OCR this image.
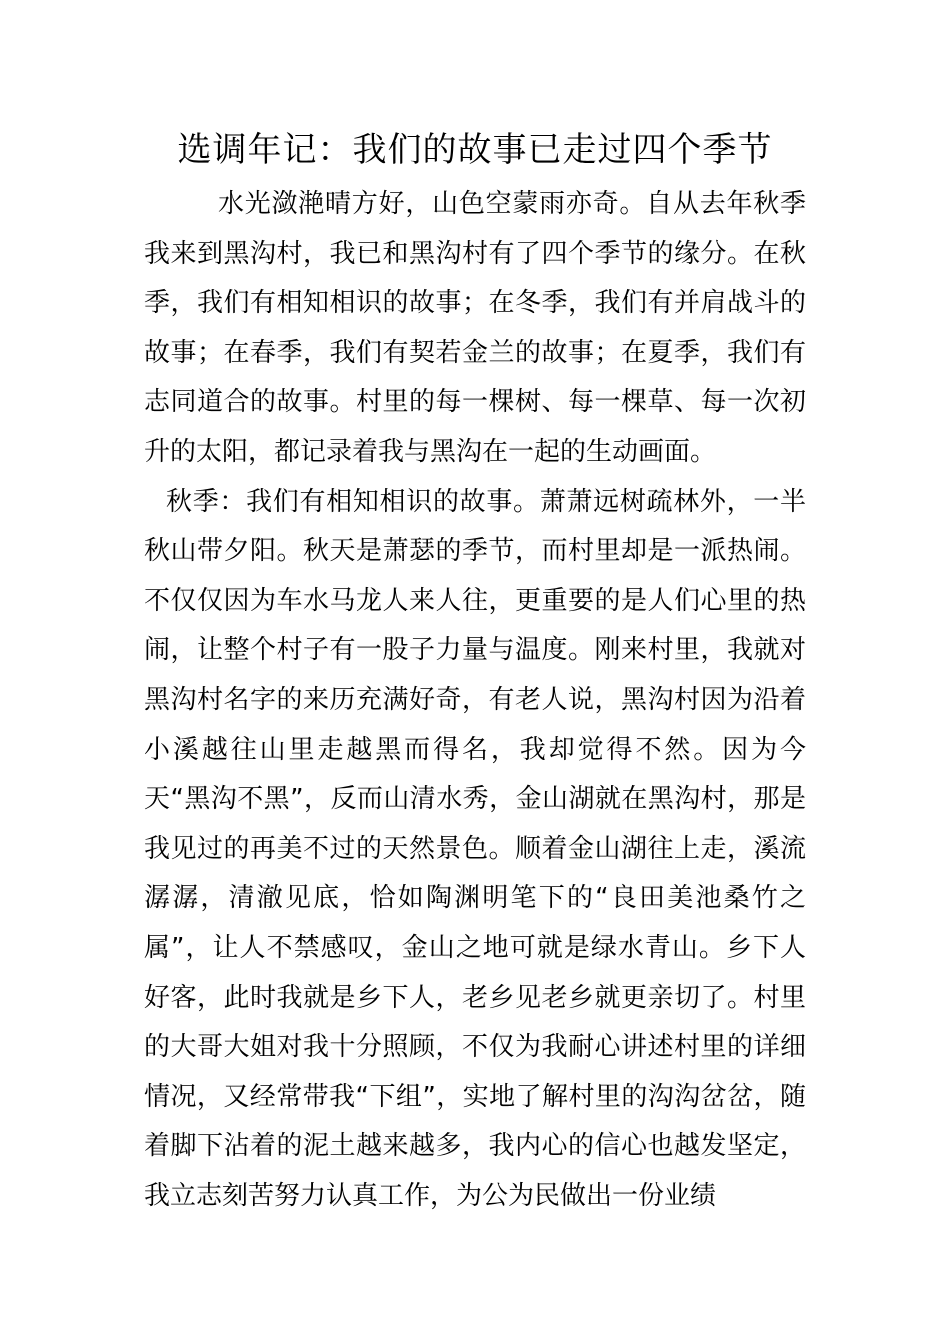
选调年记：我们的故事已走过四个季节

水光潋滟晴方好，山色空蒙雨亦奇。自从去年秋季我来到黑沟村，我已和黑沟村有了四个季节的缘分。在秋季，我们有相知相识的故事；在冬季，我们有并肩战斗的故事；在春季，我们有契若金兰的故事；在夏季，我们有志同道合的故事。村里的每一棵树、每一棵草、每一次初升的太阳，都记录着我与黑沟在一起的生动画面。

秋季：我们有相知相识的故事。萧萧远树疏林外，一半秋山带夕阳。秋天是萧瑟的季节，而村里却是一派热闹。不仅仅因为车水马龙人来人往，更重要的是人们心里的热闹，让整个村子有一股子力量与温度。刚来村里，我就对黑沟村名字的来历充满好奇，有老人说，黑沟村因为沿着小溪越往山里走越黑而得名，我却觉得不然。因为今天“黑沟不黑”，反而山清水秀，金山湖就在黑沟村，那是我见过的再美不过的天然景色。顺着金山湖往上走，溪流潺潺，清澈见底，恰如陶渊明笔下的“良田美池桑竹之属”，让人不禁感叹，金山之地可就是绿水青山。乡下人好客，此时我就是乡下人，老乡见老乡就更亲切了。村里的大哥大姐对我十分照顾，不仅为我耐心讲述村里的详细情况，又经常带我“下组”，实地了解村里的沟沟岔岔，随着脚下沾着的泥土越来越多，我内心的信心也越发坚定，我立志刻苦努力认真工作，为公为民做出一份业绩
